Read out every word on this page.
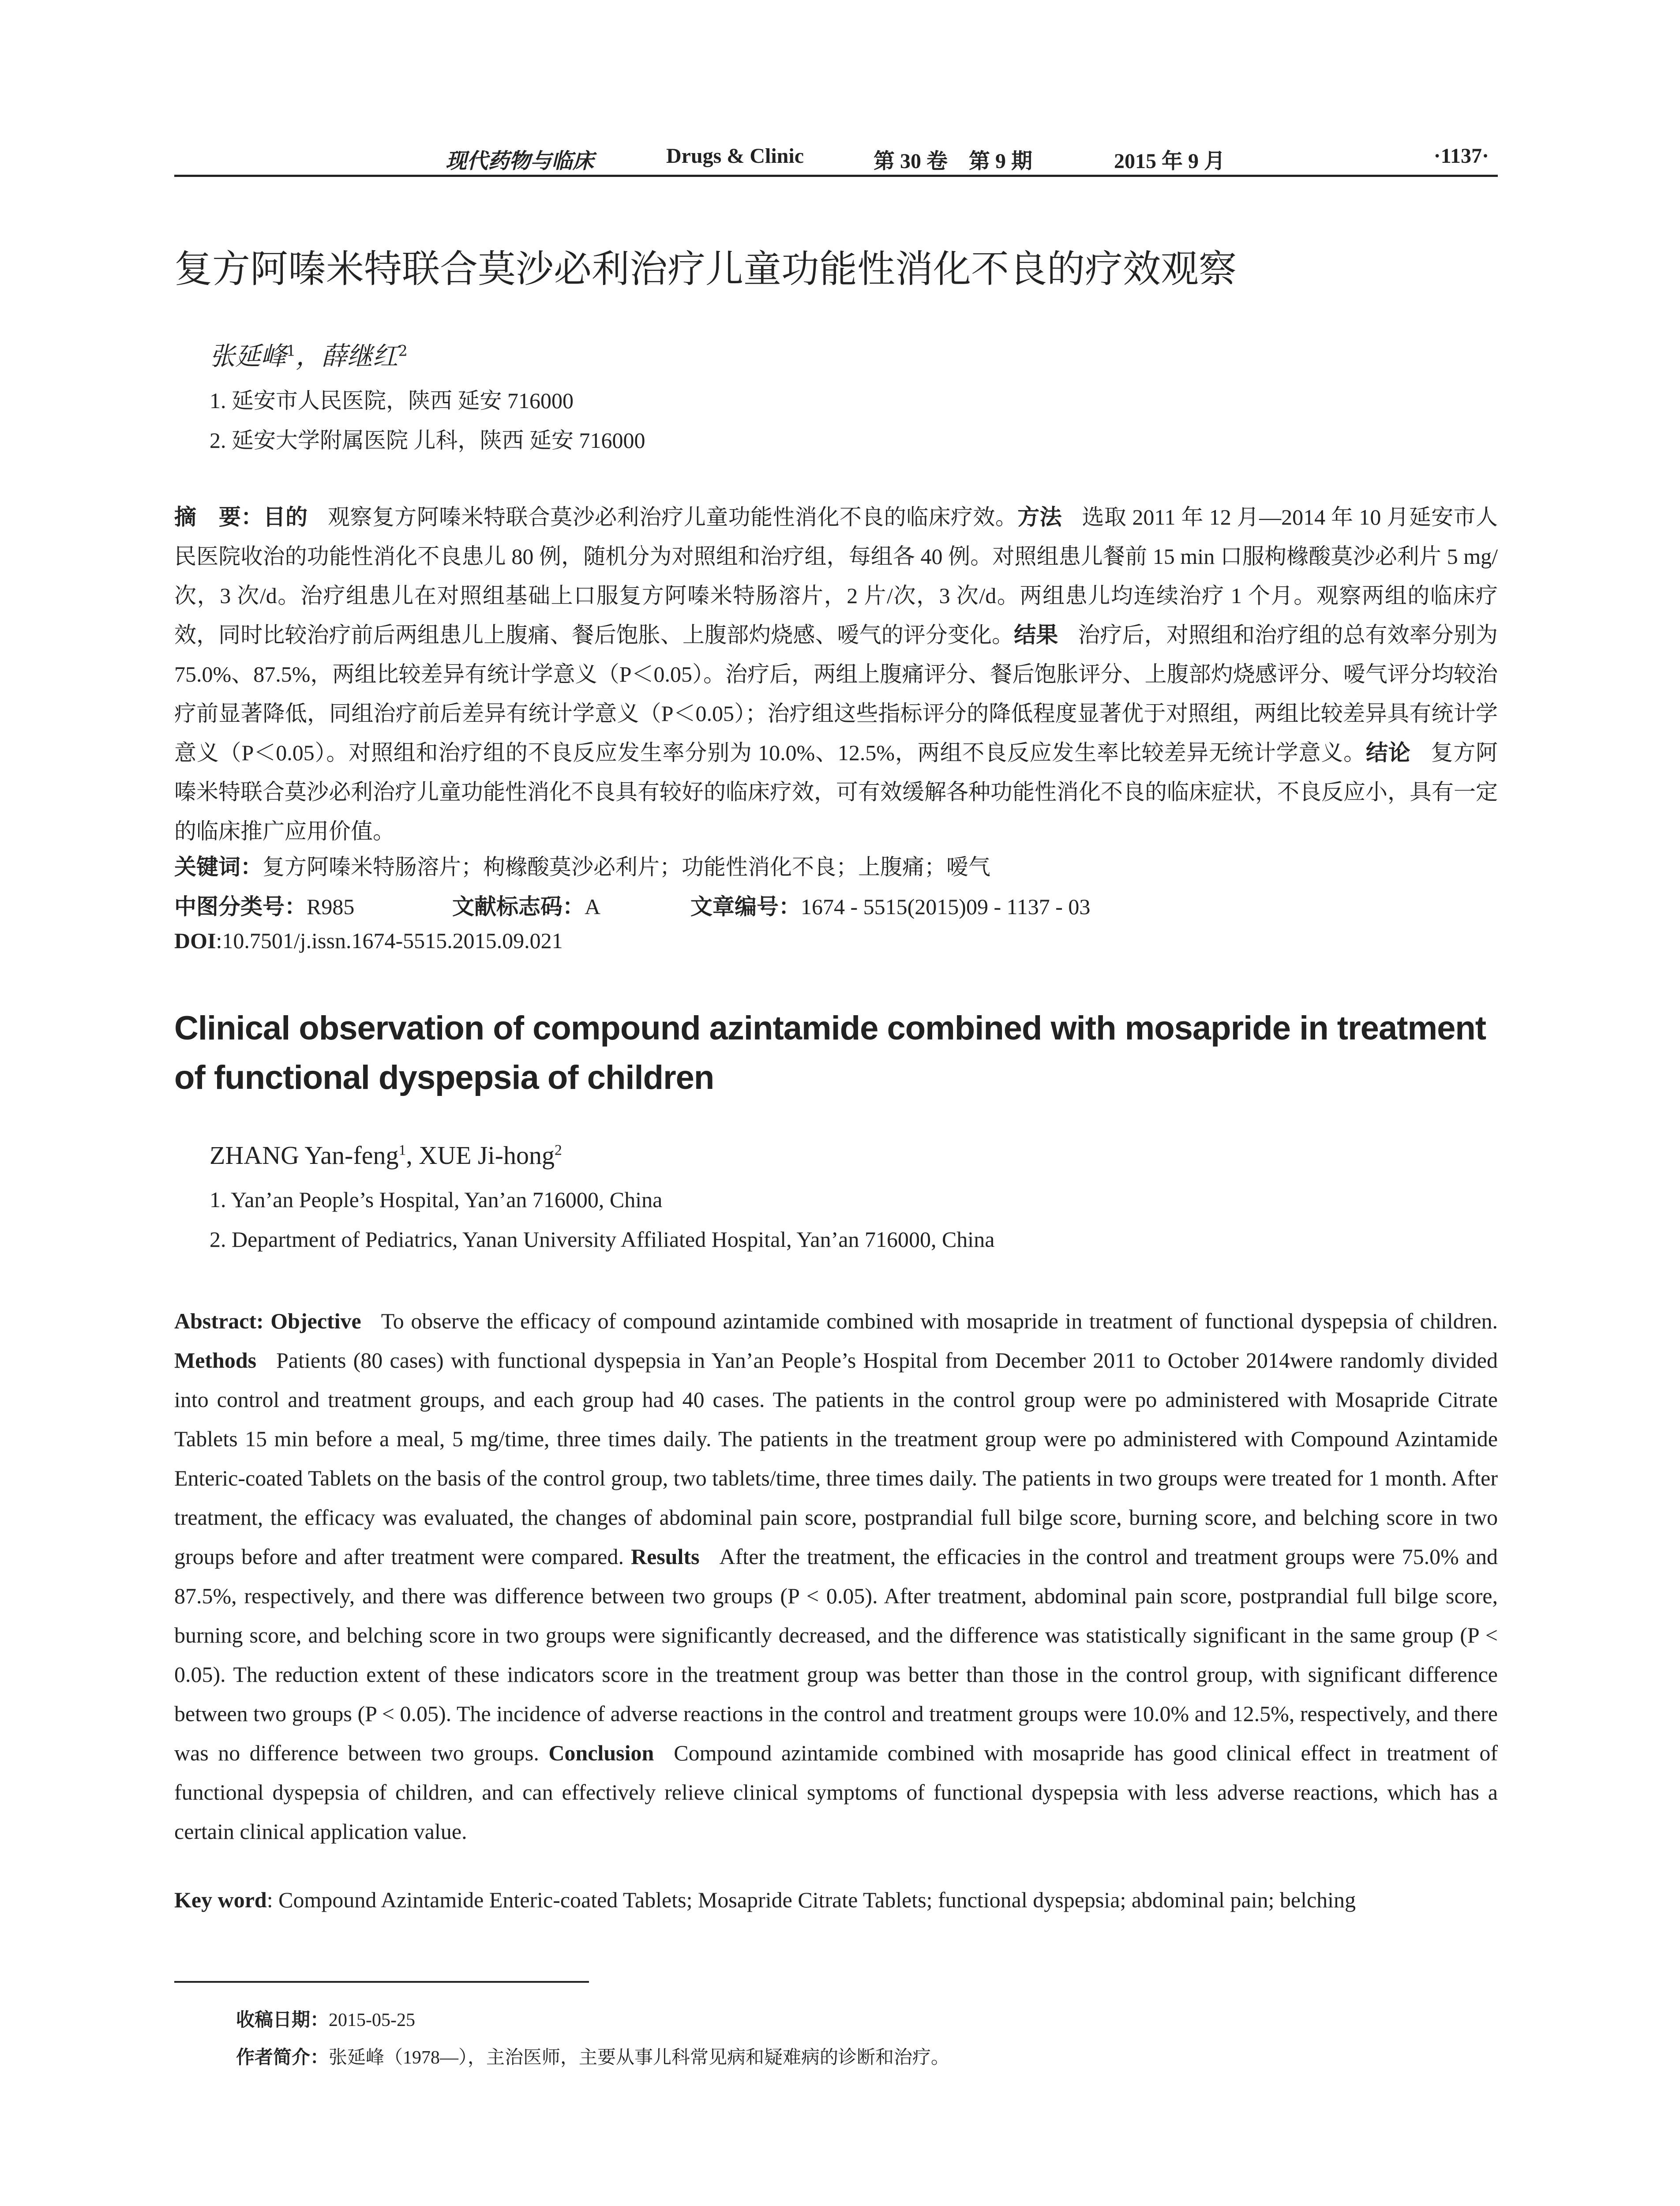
现代药物与临床	Drugs & Clinic	第 30 卷　第 9 期	2015 年 9 月	·1137·
复方阿嗪米特联合莫沙必利治疗儿童功能性消化不良的疗效观察
张延峰$^1$，薛继红$^2$
1. 延安市人民医院，陕西 延安 716000
2. 延安大学附属医院 儿科，陕西 延安 716000
摘　要：目的 观察复方阿嗪米特联合莫沙必利治疗儿童功能性消化不良的临床疗效。方法 选取 2011 年 12 月—2014 年 10 月延安市人民医院收治的功能性消化不良患儿 80 例，随机分为对照组和治疗组，每组各 40 例。对照组患儿餐前 15 min 口服枸橼酸莫沙必利片 5 mg/次，3 次/d。治疗组患儿在对照组基础上口服复方阿嗪米特肠溶片，2 片/次，3 次/d。两组患儿均连续治疗 1 个月。观察两组的临床疗效，同时比较治疗前后两组患儿上腹痛、餐后饱胀、上腹部灼烧感、嗳气的评分变化。结果 治疗后，对照组和治疗组的总有效率分别为 75.0%、87.5%，两组比较差异有统计学意义（P＜0.05）。治疗后，两组上腹痛评分、餐后饱胀评分、上腹部灼烧感评分、嗳气评分均较治疗前显著降低，同组治疗前后差异有统计学意义（P＜0.05）；治疗组这些指标评分的降低程度显著优于对照组，两组比较差异具有统计学意义（P＜0.05）。对照组和治疗组的不良反应发生率分别为 10.0%、12.5%，两组不良反应发生率比较差异无统计学意义。结论 复方阿嗪米特联合莫沙必利治疗儿童功能性消化不良具有较好的临床疗效，可有效缓解各种功能性消化不良的临床症状，不良反应小，具有一定的临床推广应用价值。
关键词：复方阿嗪米特肠溶片；枸橼酸莫沙必利片；功能性消化不良；上腹痛；嗳气
中图分类号：R985	文献标志码：A	文章编号：1674 - 5515(2015)09 - 1137 - 03
DOI:10.7501/j.issn.1674-5515.2015.09.021
Clinical observation of compound azintamide combined with mosapride in treatment of functional dyspepsia of children
ZHANG Yan-feng$^1$, XUE Ji-hong$^2$
1. Yan’an People’s Hospital, Yan’an 716000, China
2. Department of Pediatrics, Yanan University Affiliated Hospital, Yan’an 716000, China
Abstract: Objective To observe the efficacy of compound azintamide combined with mosapride in treatment of functional dyspepsia of children. Methods Patients (80 cases) with functional dyspepsia in Yan’an People’s Hospital from December 2011 to October 2014were randomly divided into control and treatment groups, and each group had 40 cases. The patients in the control group were po administered with Mosapride Citrate Tablets 15 min before a meal, 5 mg/time, three times daily. The patients in the treatment group were po administered with Compound Azintamide Enteric-coated Tablets on the basis of the control group, two tablets/time, three times daily. The patients in two groups were treated for 1 month. After treatment, the efficacy was evaluated, the changes of abdominal pain score, postprandial full bilge score, burning score, and belching score in two groups before and after treatment were compared. Results After the treatment, the efficacies in the control and treatment groups were 75.0% and 87.5%, respectively, and there was difference between two groups (P < 0.05). After treatment, abdominal pain score, postprandial full bilge score, burning score, and belching score in two groups were significantly decreased, and the difference was statistically significant in the same group (P < 0.05). The reduction extent of these indicators score in the treatment group was better than those in the control group, with significant difference between two groups (P < 0.05). The incidence of adverse reactions in the control and treatment groups were 10.0% and 12.5%, respectively, and there was no difference between two groups. Conclusion Compound azintamide combined with mosapride has good clinical effect in treatment of functional dyspepsia of children, and can effectively relieve clinical symptoms of functional dyspepsia with less adverse reactions, which has a certain clinical application value.
Key word: Compound Azintamide Enteric-coated Tablets; Mosapride Citrate Tablets; functional dyspepsia; abdominal pain; belching
收稿日期：2015-05-25
作者简介：张延峰（1978—），主治医师，主要从事儿科常见病和疑难病的诊断和治疗。
